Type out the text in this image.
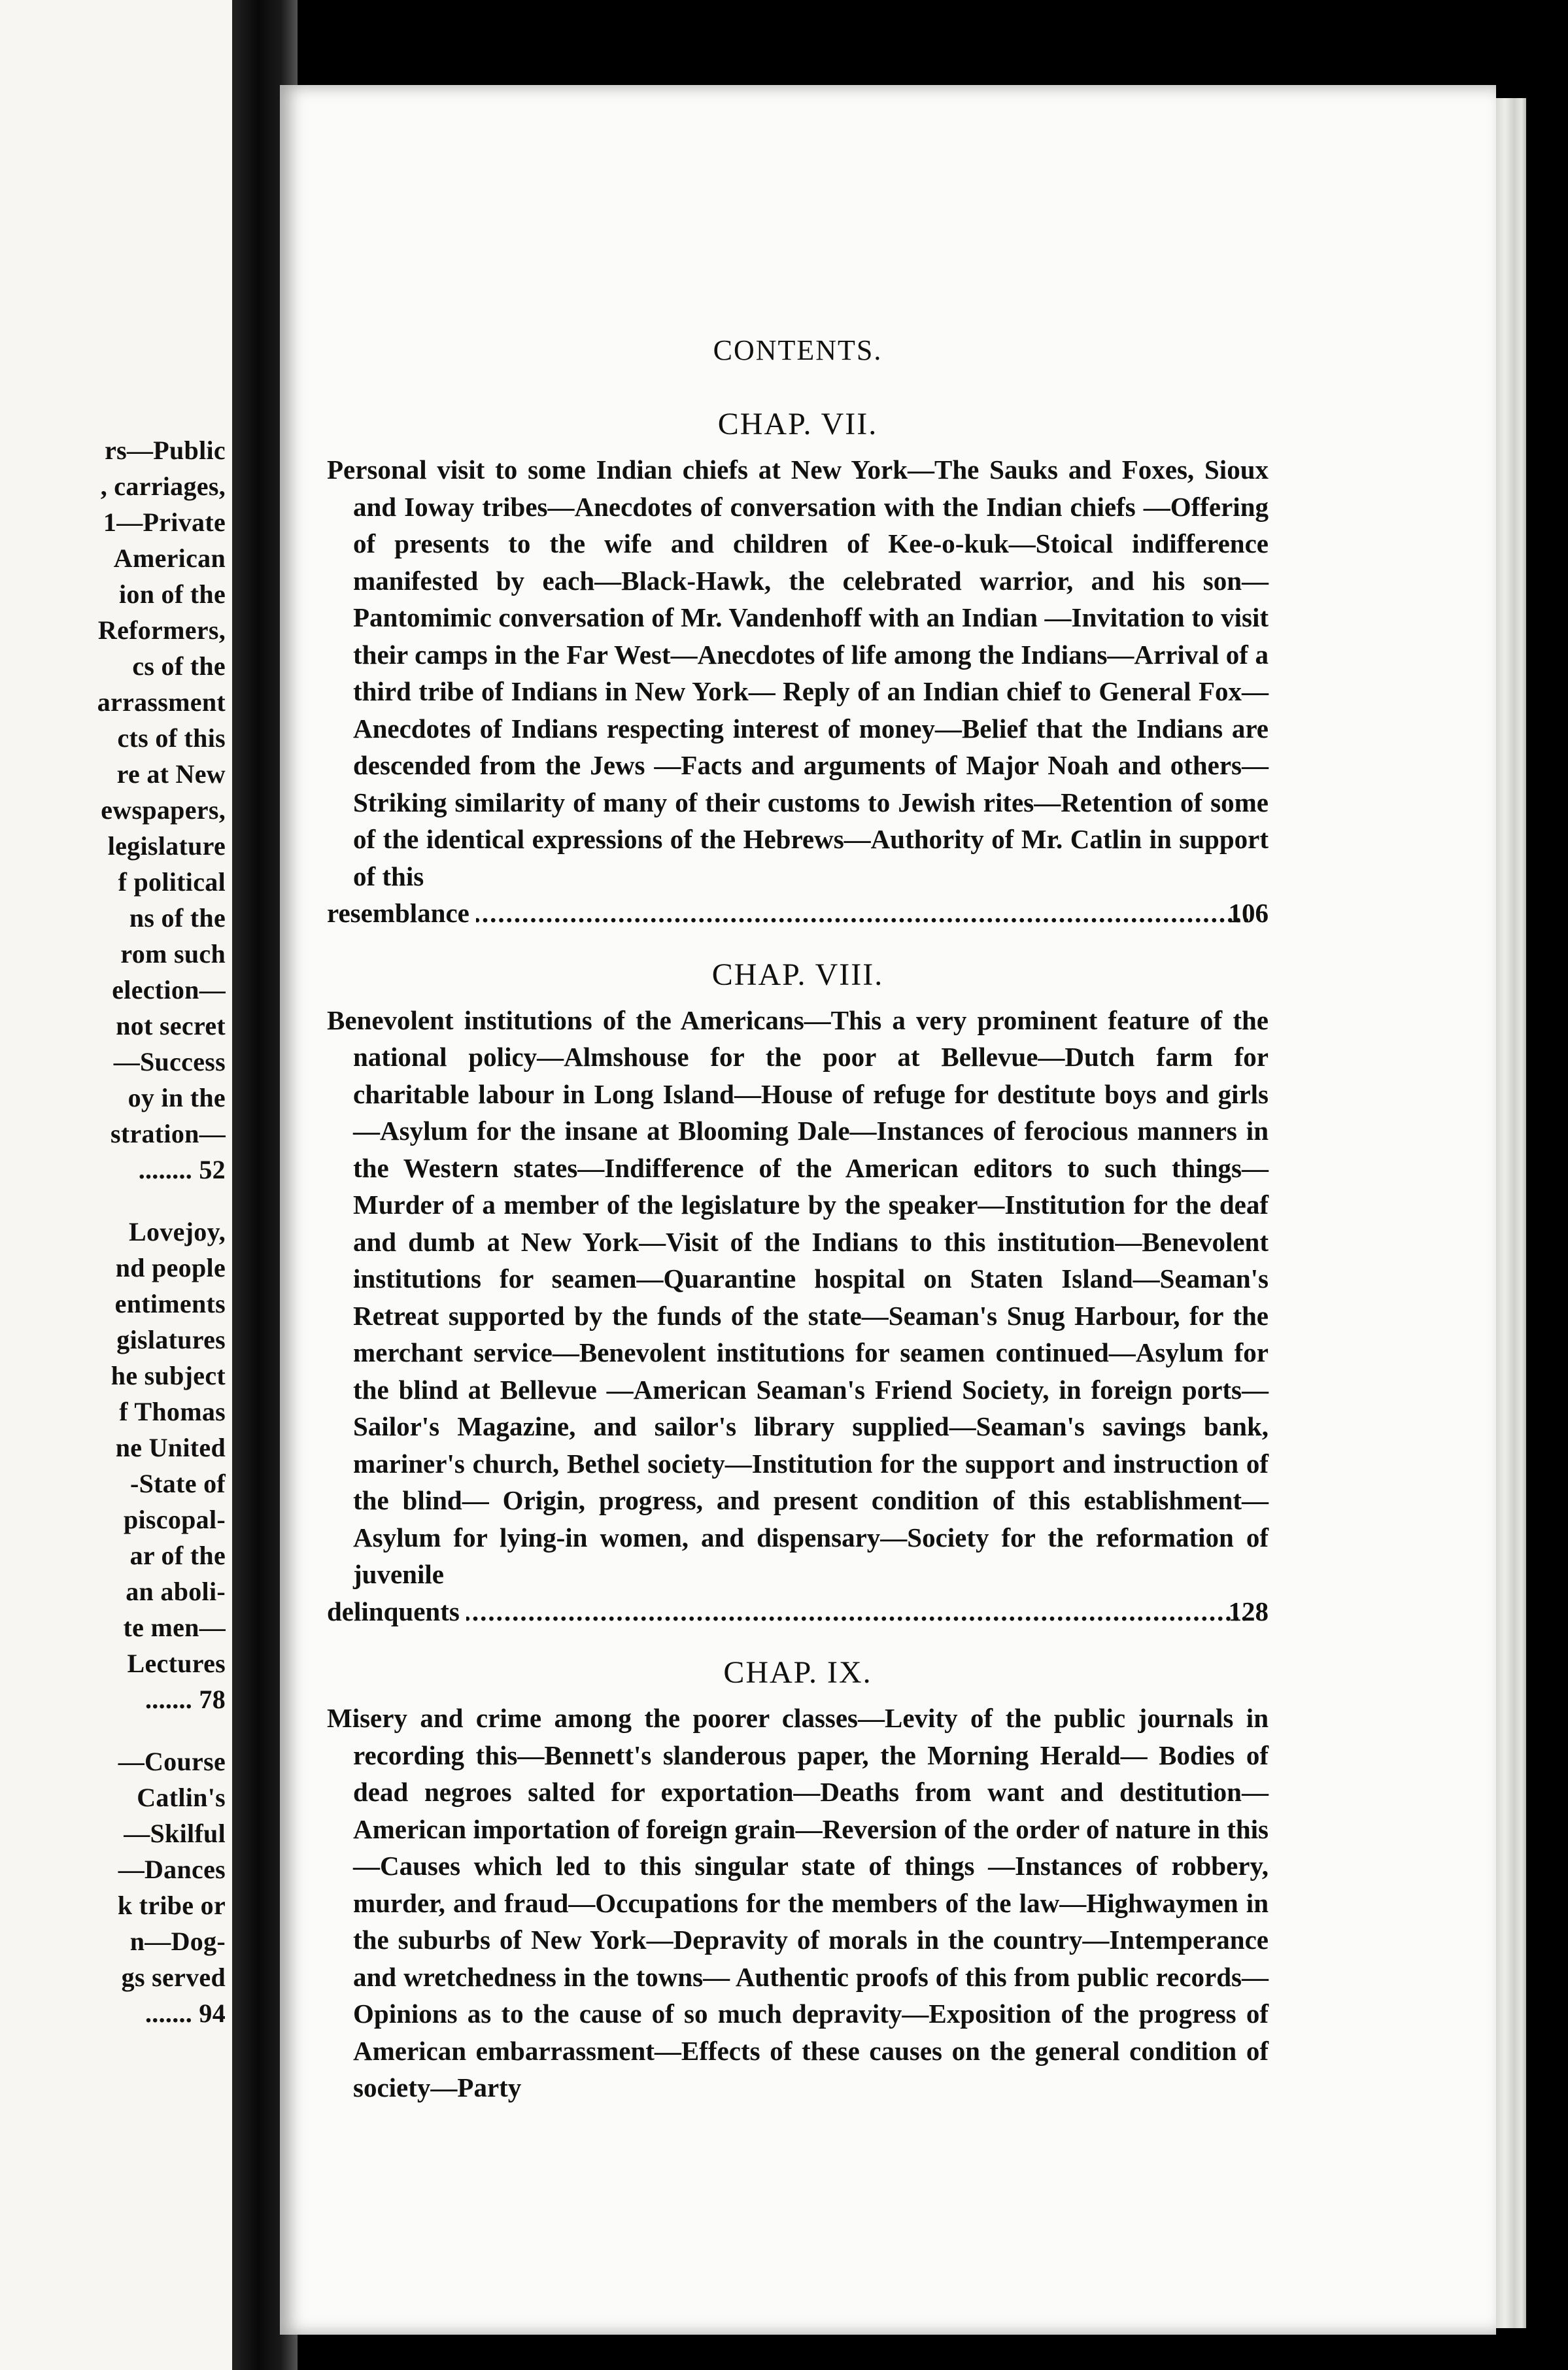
rs—Public
, carriages,
1—Private
American
ion of the
Reformers,
cs of the
arrassment
cts of this
re at New
ewspapers,
legislature
f political
ns of the
rom such
election—
not secret
—Success
oy in the
stration—
........ 52
Lovejoy,
nd people
entiments
gislatures
he subject
f Thomas
ne United
-State of
piscopal-
ar of the
an aboli-
te men—
Lectures
....... 78
—Course
Catlin's
—Skilful
—Dances
k tribe or
n—Dog-
gs served
....... 94
CONTENTS.
CHAP. VII.
Personal visit to some Indian chiefs at New York—The Sauks and Foxes, Sioux and Ioway tribes—Anecdotes of conversation with the Indian chiefs —Offering of presents to the wife and children of Kee-o-kuk—Stoical indifference manifested by each—Black-Hawk, the celebrated warrior, and his son—Pantomimic conversation of Mr. Vandenhoff with an Indian —Invitation to visit their camps in the Far West—Anecdotes of life among the Indians—Arrival of a third tribe of Indians in New York— Reply of an Indian chief to General Fox—Anecdotes of Indians respecting interest of money—Belief that the Indians are descended from the Jews —Facts and arguments of Major Noah and others—Striking similarity of many of their customs to Jewish rites—Retention of some of the identical expressions of the Hebrews—Authority of Mr. Catlin in support of this
resemblance .....	106
CHAP. VIII.
Benevolent institutions of the Americans—This a very prominent feature of the national policy—Almshouse for the poor at Bellevue—Dutch farm for charitable labour in Long Island—House of refuge for destitute boys and girls—Asylum for the insane at Blooming Dale—Instances of ferocious manners in the Western states—Indifference of the American editors to such things—Murder of a member of the legislature by the speaker—Institution for the deaf and dumb at New York—Visit of the Indians to this institution—Benevolent institutions for seamen—Quarantine hospital on Staten Island—Seaman's Retreat supported by the funds of the state—Seaman's Snug Harbour, for the merchant service—Benevolent institutions for seamen continued—Asylum for the blind at Bellevue —American Seaman's Friend Society, in foreign ports—Sailor's Magazine, and sailor's library supplied—Seaman's savings bank, mariner's church, Bethel society—Institution for the support and instruction of the blind— Origin, progress, and present condition of this establishment—Asylum for lying-in women, and dispensary—Society for the reformation of juvenile
delinquents .....	128
CHAP. IX.
Misery and crime among the poorer classes—Levity of the public journals in recording this—Bennett's slanderous paper, the Morning Herald— Bodies of dead negroes salted for exportation—Deaths from want and destitution—American importation of foreign grain—Reversion of the order of nature in this—Causes which led to this singular state of things —Instances of robbery, murder, and fraud—Occupations for the members of the law—Highwaymen in the suburbs of New York—Depravity of morals in the country—Intemperance and wretchedness in the towns— Authentic proofs of this from public records—Opinions as to the cause of so much depravity—Exposition of the progress of American embarrassment—Effects of these causes on the general condition of society—Party
